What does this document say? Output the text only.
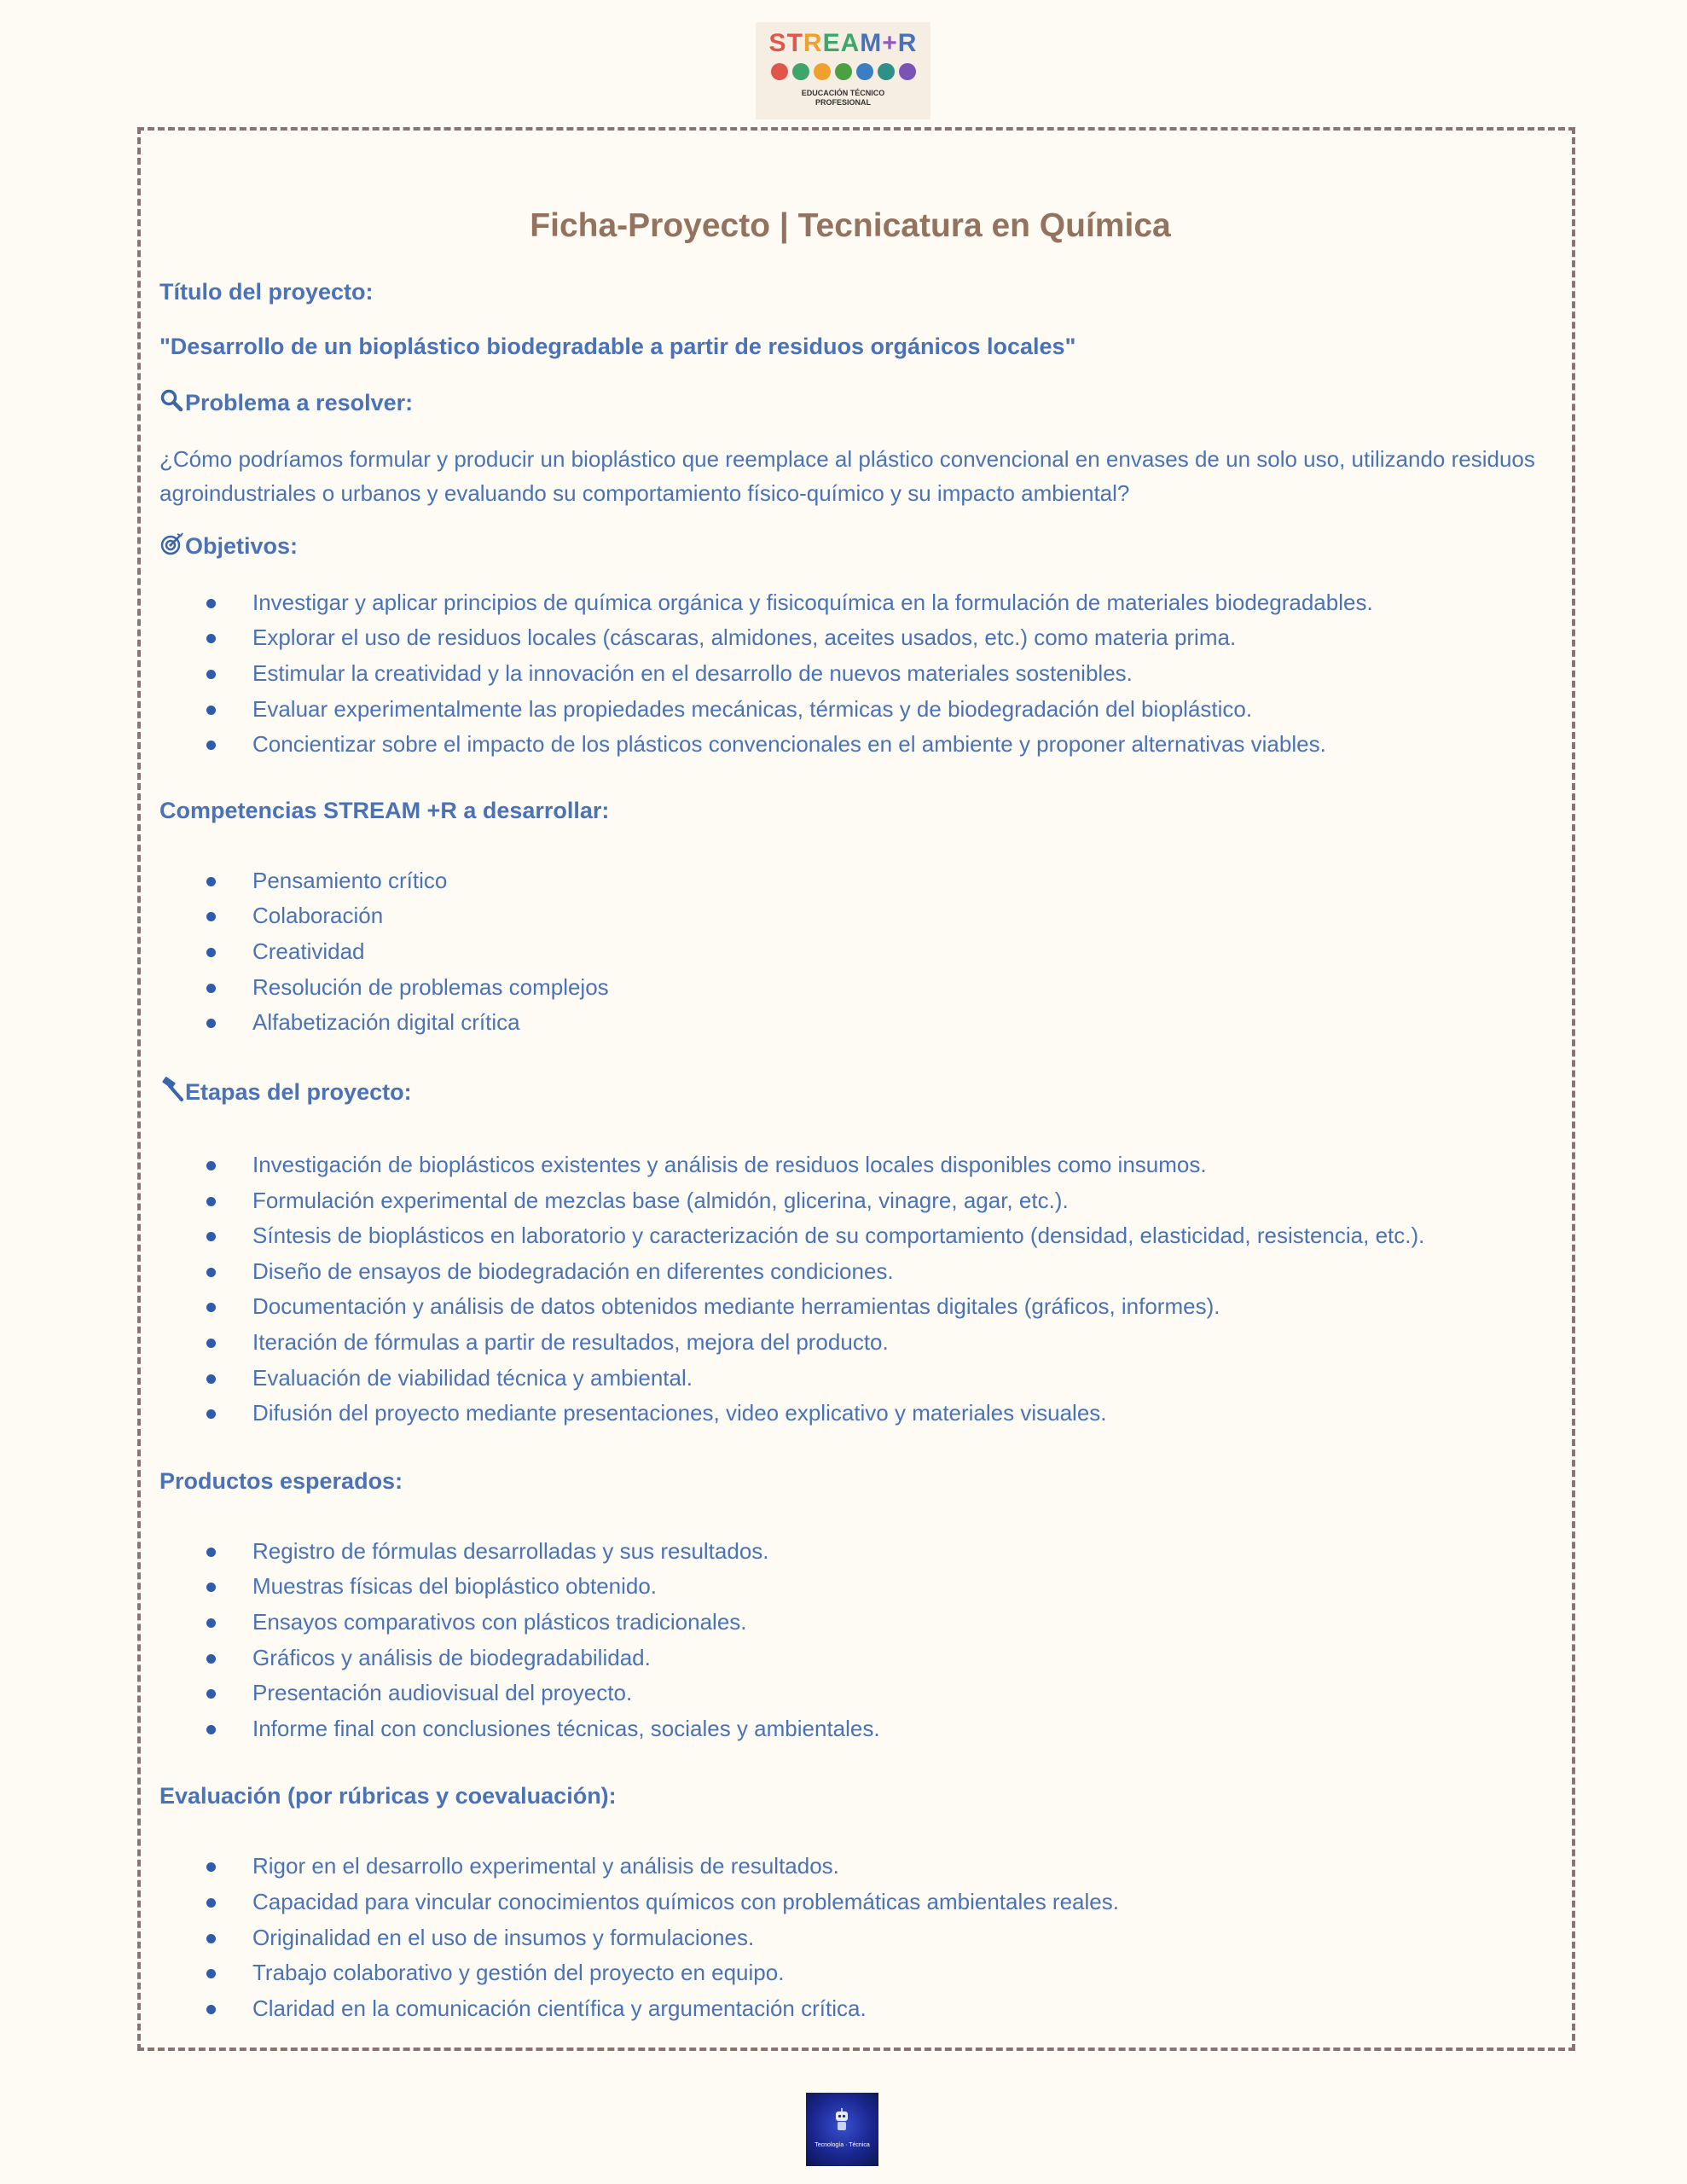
STREAM+R
EDUCACIÓN TÉCNICO
PROFESIONAL
Ficha-Proyecto | Tecnicatura en Química

Título del proyecto:

"Desarrollo de un bioplástico biodegradable a partir de residuos orgánicos locales"

Problema a resolver:

¿Cómo podríamos formular y producir un bioplástico que reemplace al plástico convencional en envases de un solo uso, utilizando residuos agroindustriales o urbanos y evaluando su comportamiento físico-químico y su impacto ambiental?

Objetivos:

Investigar y aplicar principios de química orgánica y fisicoquímica en la formulación de materiales biodegradables.
Explorar el uso de residuos locales (cáscaras, almidones, aceites usados, etc.) como materia prima.
Estimular la creatividad y la innovación en el desarrollo de nuevos materiales sostenibles.
Evaluar experimentalmente las propiedades mecánicas, térmicas y de biodegradación del bioplástico.
Concientizar sobre el impacto de los plásticos convencionales en el ambiente y proponer alternativas viables.

Competencias STREAM +R a desarrollar:

Pensamiento crítico
Colaboración
Creatividad
Resolución de problemas complejos
Alfabetización digital crítica

Etapas del proyecto:

Investigación de bioplásticos existentes y análisis de residuos locales disponibles como insumos.
Formulación experimental de mezclas base (almidón, glicerina, vinagre, agar, etc.).
Síntesis de bioplásticos en laboratorio y caracterización de su comportamiento (densidad, elasticidad, resistencia, etc.).
Diseño de ensayos de biodegradación en diferentes condiciones.
Documentación y análisis de datos obtenidos mediante herramientas digitales (gráficos, informes).
Iteración de fórmulas a partir de resultados, mejora del producto.
Evaluación de viabilidad técnica y ambiental.
Difusión del proyecto mediante presentaciones, video explicativo y materiales visuales.

Productos esperados:

Registro de fórmulas desarrolladas y sus resultados.
Muestras físicas del bioplástico obtenido.
Ensayos comparativos con plásticos tradicionales.
Gráficos y análisis de biodegradabilidad.
Presentación audiovisual del proyecto.
Informe final con conclusiones técnicas, sociales y ambientales.

Evaluación (por rúbricas y coevaluación):

Rigor en el desarrollo experimental y análisis de resultados.
Capacidad para vincular conocimientos químicos con problemáticas ambientales reales.
Originalidad en el uso de insumos y formulaciones.
Trabajo colaborativo y gestión del proyecto en equipo.
Claridad en la comunicación científica y argumentación crítica.
Tecnología · Técnica
